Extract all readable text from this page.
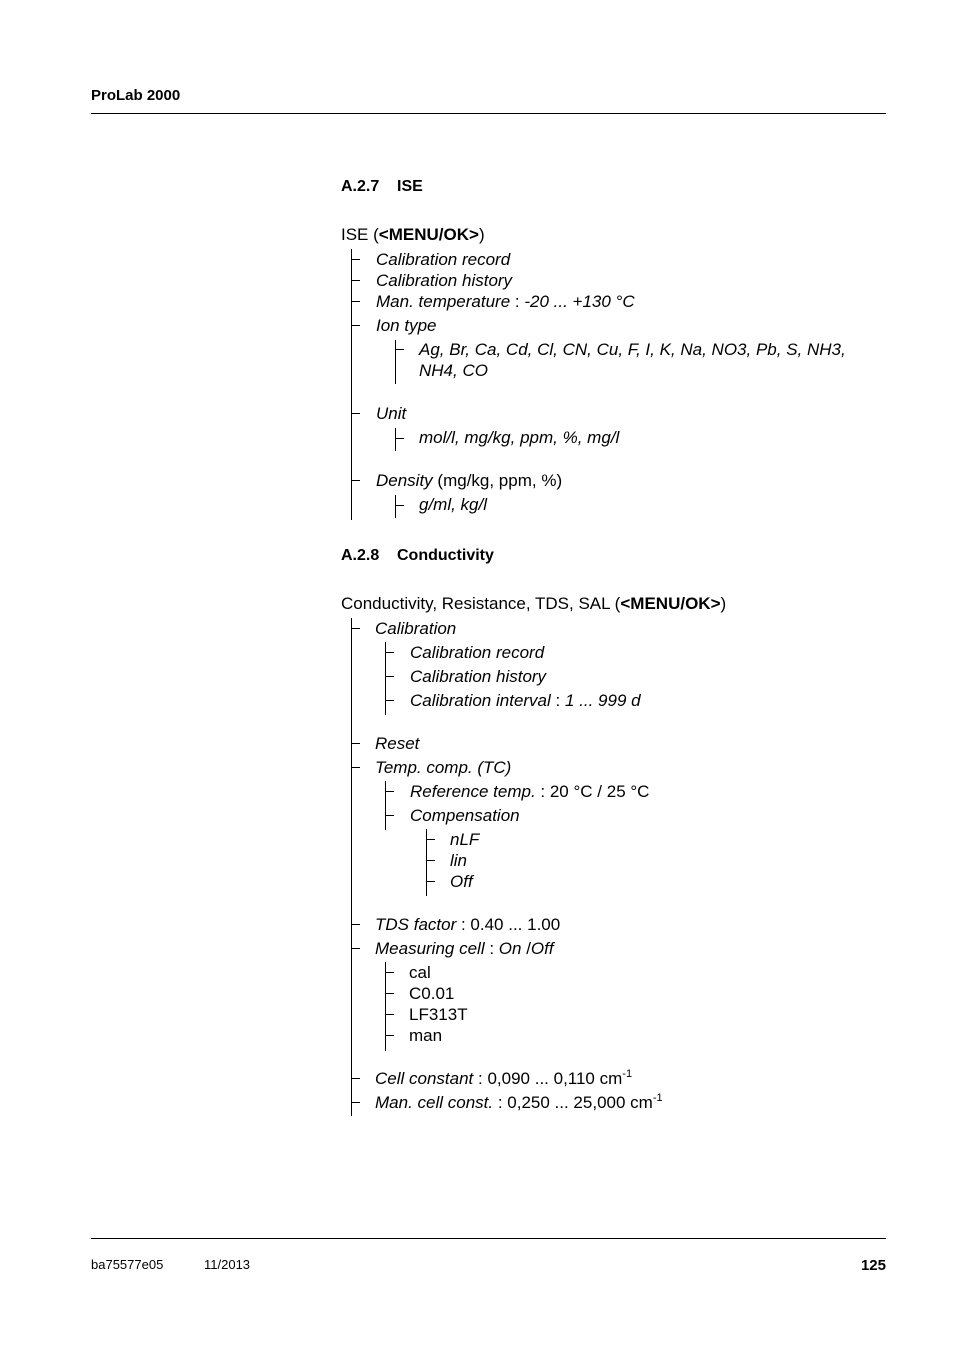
ProLab 2000
A.2.7 ISE
ISE (<MENU/OK>)
Calibration record
Calibration history
Man. temperature : -20 ... +130 °C
Ion type
Ag, Br, Ca, Cd, Cl, CN, Cu, F, I, K, Na, NO3, Pb, S, NH3,
NH4, CO
Unit
mol/l, mg/kg, ppm, %, mg/l
Density (mg/kg, ppm, %)
g/ml, kg/l
A.2.8 Conductivity
Conductivity, Resistance, TDS, SAL (<MENU/OK>)
Calibration
Calibration record
Calibration history
Calibration interval : 1 ... 999 d
Reset
Temp. comp. (TC)
Reference temp. : 20 °C / 25 °C
Compensation
nLF
lin
Off
TDS factor : 0.40 ... 1.00
Measuring cell : On /Off
cal
C0.01
LF313T
man
Cell constant : 0,090 ... 0,110 $cm^{-1}$
Man. cell const. : 0,250 ... 25,000 $cm^{-1}$
ba75577e05	11/2013	125
